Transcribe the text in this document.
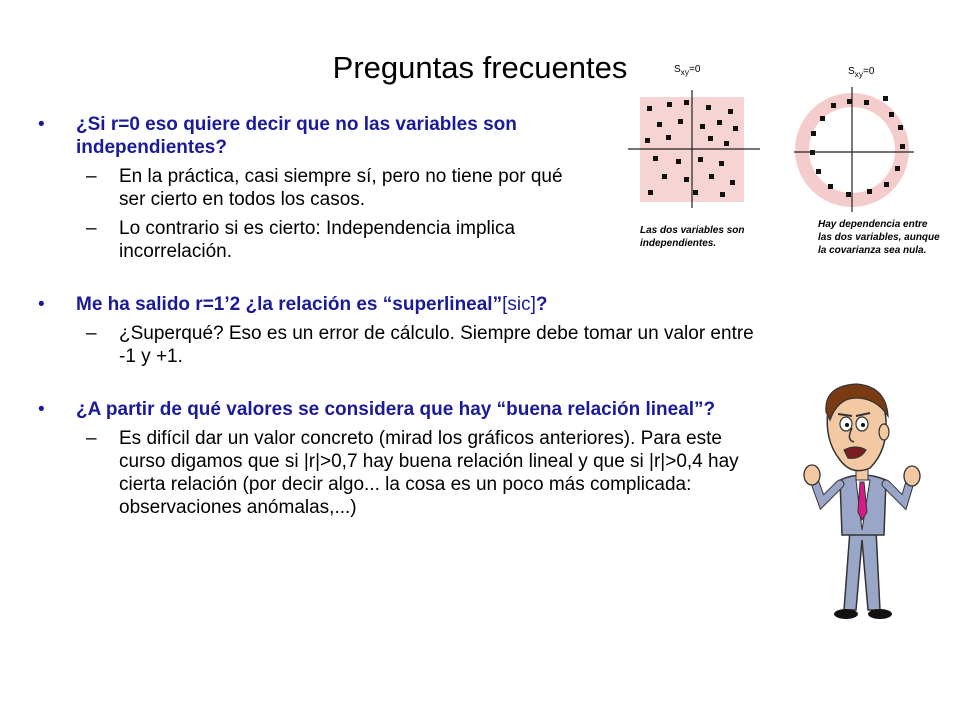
Preguntas frecuentes
• ¿Si r=0 eso quiere decir que no las variables son independientes?

– En la práctica, casi siempre sí, pero no tiene por qué ser cierto en todos los casos.
– Lo contrario si es cierto: Independencia implica incorrelación.
• Me ha salido r=1’2 ¿la relación es “superlineal”[sic]?

– ¿Superqué? Eso es un error de cálculo. Siempre debe tomar un valor entre -1 y +1.
• ¿A partir de qué valores se considera que hay “buena relación lineal”?

– Es difícil dar un valor concreto (mirad los gráficos anteriores). Para este curso digamos que si |r|>0,7 hay buena relación lineal y que si |r|>0,4 hay cierta relación (por decir algo... la cosa es un poco más complicada: observaciones anómalas,...)
$S_{xy}=0$
Las dos variables son
independientes.
$S_{xy}=0$
Hay dependencia entre
las dos variables, aunque
la covarianza sea nula.
